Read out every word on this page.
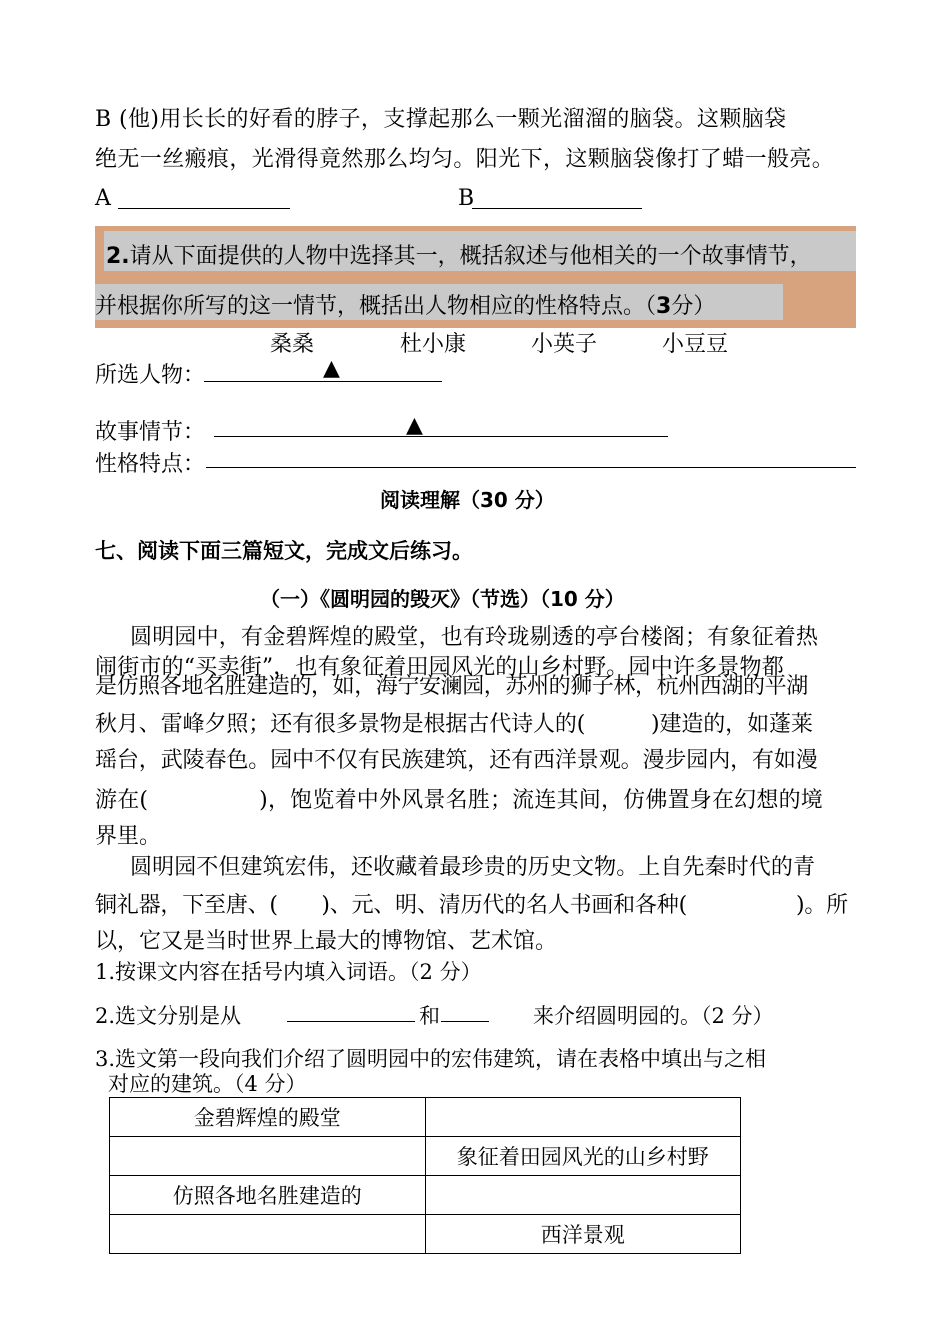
B (他)用长长的好看的脖子，支撑起那么一颗光溜溜的脑袋。这颗脑袋
绝无一丝瘢痕，光滑得竟然那么均匀。阳光下，这颗脑袋像打了蜡一般亮。
A	B
2.请从下面提供的人物中选择其一，概括叙述与他相关的一个故事情节，
并根据你所写的这一情节，概括出人物相应的性格特点。（3分）
桑桑	杜小康	小英子	小豆豆
所选人物：	▲
故事情节：	▲
性格特点：
阅读理解（30 分）
七、阅读下面三篇短文，完成文后练习。
（一）《圆明园的毁灭》（节选）（10 分）
圆明园中，有金碧辉煌的殿堂，也有玲珑剔透的亭台楼阁；有象征着热
闹街市的“买卖街”，也有象征着田园风光的山乡村野。园中许多景物都
是仿照各地名胜建造的，如，海宁安澜园，苏州的狮子林，杭州西湖的平湖
秋月、雷峰夕照；还有很多景物是根据古代诗人的(　　　)建造的，如蓬莱
瑶台，武陵春色。园中不仅有民族建筑，还有西洋景观。漫步园内，有如漫
游在(　　　　　)，饱览着中外风景名胜；流连其间，仿佛置身在幻想的境
界里。
圆明园不但建筑宏伟，还收藏着最珍贵的历史文物。上自先秦时代的青
铜礼器，下至唐、(　　)、元、明、清历代的名人书画和各种(　　　　　)。所
以，它又是当时世界上最大的博物馆、艺术馆。
1.按课文内容在括号内填入词语。（2 分）
2.选文分别是从	和	来介绍圆明园的。（2 分）
3.选文第一段向我们介绍了圆明园中的宏伟建筑，请在表格中填出与之相
对应的建筑。（4 分）
金碧辉煌的殿堂	
	象征着田园风光的山乡村野
仿照各地名胜建造的	
	西洋景观
